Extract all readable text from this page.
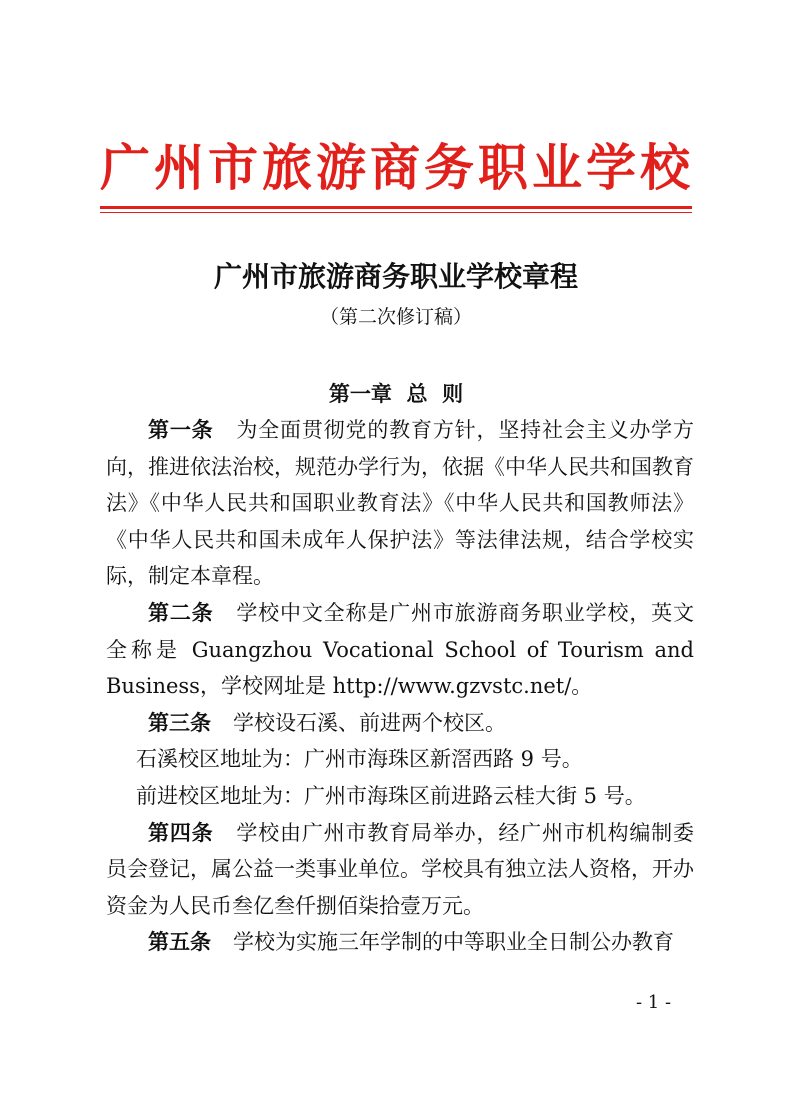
广州市旅游商务职业学校
广州市旅游商务职业学校章程
（第二次修订稿）
第一章  总  则

第一条 为全面贯彻党的教育方针，坚持社会主义办学方向，推进依法治校，规范办学行为，依据《中华人民共和国教育法》《中华人民共和国职业教育法》《中华人民共和国教师法》《中华人民共和国未成年人保护法》等法律法规，结合学校实际，制定本章程。

第二条 学校中文全称是广州市旅游商务职业学校，英文全称是 Guangzhou Vocational School of Tourism and Business，学校网址是 http://www.gzvstc.net/。

第三条 学校设石溪、前进两个校区。

石溪校区地址为：广州市海珠区新滘西路 9 号。

前进校区地址为：广州市海珠区前进路云桂大街 5 号。

第四条 学校由广州市教育局举办，经广州市机构编制委员会登记，属公益一类事业单位。学校具有独立法人资格，开办资金为人民币叁亿叁仟捌佰柒拾壹万元。

第五条 学校为实施三年学制的中等职业全日制公办教育

- 1 -
